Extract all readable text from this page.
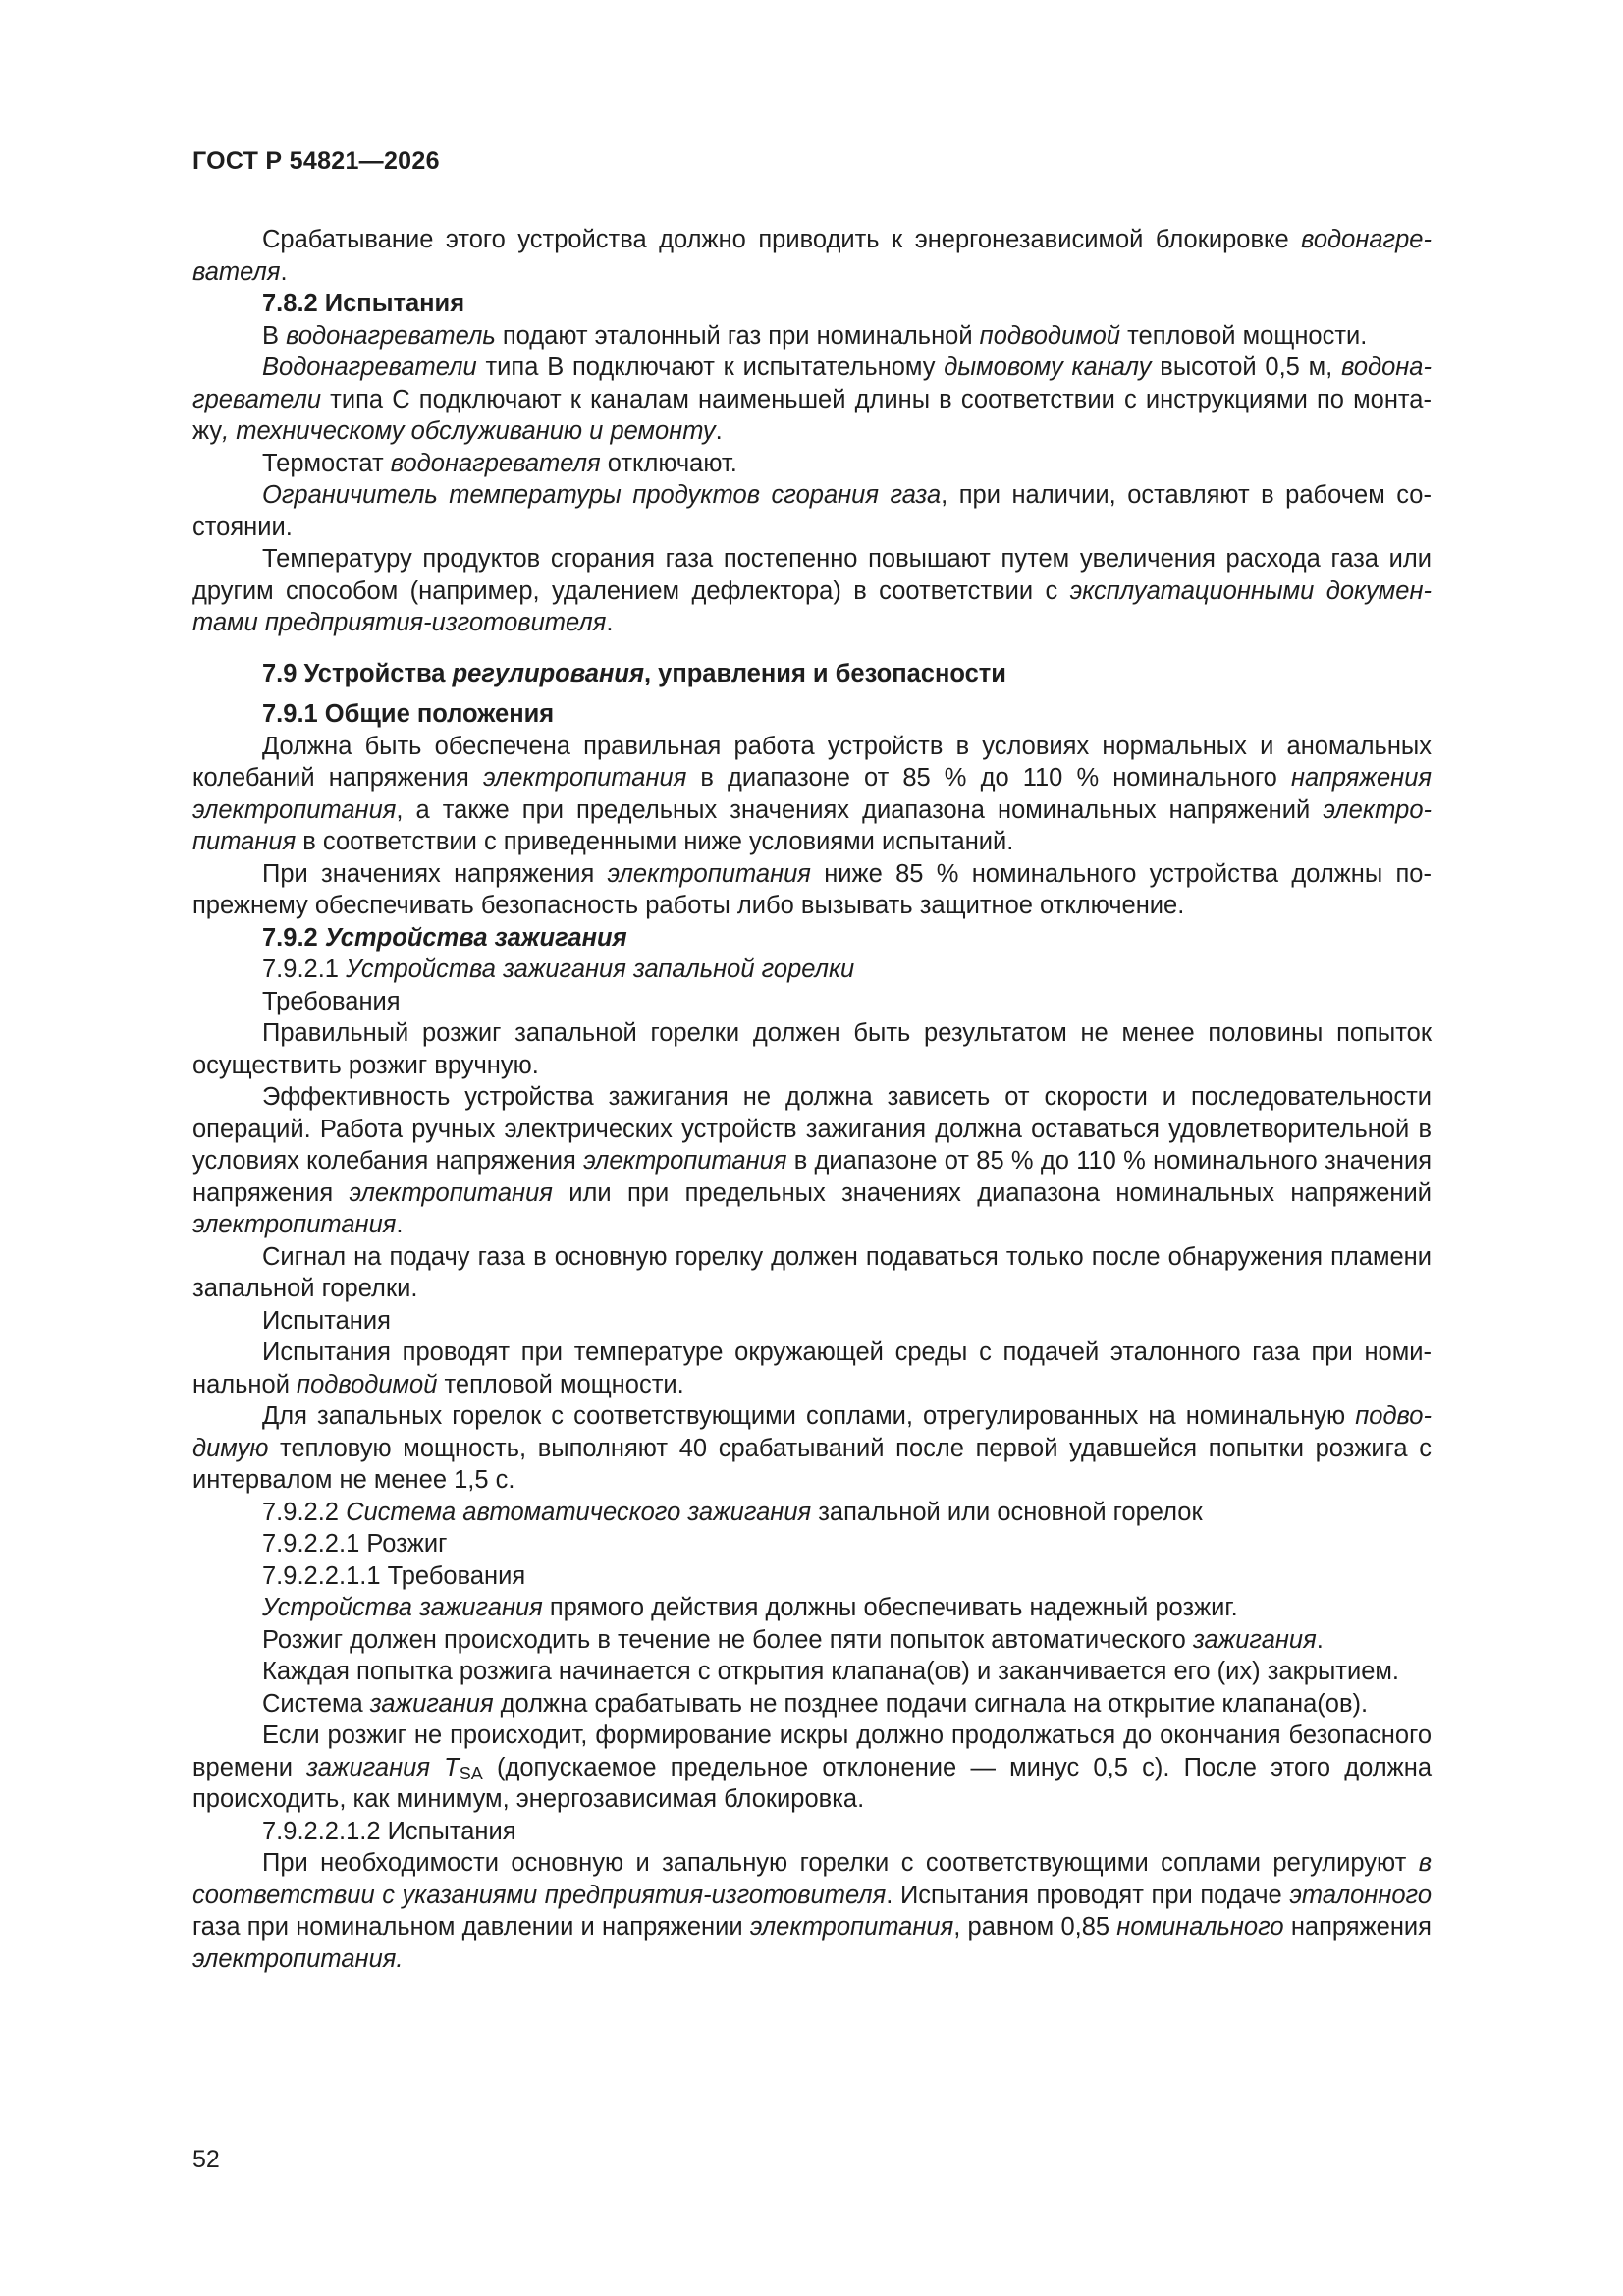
ГОСТ Р 54821—2026

Срабатывание этого устройства должно приводить к энергонезависимой блокировке водонагревателя.

7.8.2 Испытания

В водонагреватель подают эталонный газ при номинальной подводимой тепловой мощности.

Водонагреватели типа В подключают к испытательному дымовому каналу высотой 0,5 м, водонагреватели типа С подключают к каналам наименьшей длины в соответствии с инструкциями по монтажу, техническому обслуживанию и ремонту.

Термостат водонагревателя отключают.

Ограничитель температуры продуктов сгорания газа, при наличии, оставляют в рабочем состоянии.

Температуру продуктов сгорания газа постепенно повышают путем увеличения расхода газа или другим способом (например, удалением дефлектора) в соответствии с эксплуатационными документами предприятия-изготовителя.

7.9 Устройства регулирования, управления и безопасности

7.9.1 Общие положения

Должна быть обеспечена правильная работа устройств в условиях нормальных и аномальных колебаний напряжения электропитания в диапазоне от 85 % до 110 % номинального напряжения электропитания, а также при предельных значениях диапазона номинальных напряжений электропитания в соответствии с приведенными ниже условиями испытаний.

При значениях напряжения электропитания ниже 85 % номинального устройства должны попрежнему обеспечивать безопасность работы либо вызывать защитное отключение.

7.9.2 Устройства зажигания

7.9.2.1 Устройства зажигания запальной горелки

Требования

Правильный розжиг запальной горелки должен быть результатом не менее половины попыток осуществить розжиг вручную.

Эффективность устройства зажигания не должна зависеть от скорости и последовательности операций. Работа ручных электрических устройств зажигания должна оставаться удовлетворительной в условиях колебания напряжения электропитания в диапазоне от 85 % до 110 % номинального значения напряжения электропитания или при предельных значениях диапазона номинальных напряжений электропитания.

Сигнал на подачу газа в основную горелку должен подаваться только после обнаружения пламени запальной горелки.

Испытания

Испытания проводят при температуре окружающей среды с подачей эталонного газа при номинальной подводимой тепловой мощности.

Для запальных горелок с соответствующими соплами, отрегулированных на номинальную подводимую тепловую мощность, выполняют 40 срабатываний после первой удавшейся попытки розжига с интервалом не менее 1,5 с.

7.9.2.2 Система автоматического зажигания запальной или основной горелок

7.9.2.2.1 Розжиг

7.9.2.2.1.1 Требования

Устройства зажигания прямого действия должны обеспечивать надежный розжиг.

Розжиг должен происходить в течение не более пяти попыток автоматического зажигания.

Каждая попытка розжига начинается с открытия клапана(ов) и заканчивается его (их) закрытием.

Система зажигания должна срабатывать не позднее подачи сигнала на открытие клапана(ов).

Если розжиг не происходит, формирование искры должно продолжаться до окончания безопасного времени зажигания $T_{SA}$ (допускаемое предельное отклонение — минус 0,5 с). После этого должна происходить, как минимум, энергозависимая блокировка.

7.9.2.2.1.2 Испытания

При необходимости основную и запальную горелки с соответствующими соплами регулируют в соответствии с указаниями предприятия-изготовителя. Испытания проводят при подаче эталонного газа при номинальном давлении и напряжении электропитания, равном 0,85 номинального напряжения электропитания.

52
